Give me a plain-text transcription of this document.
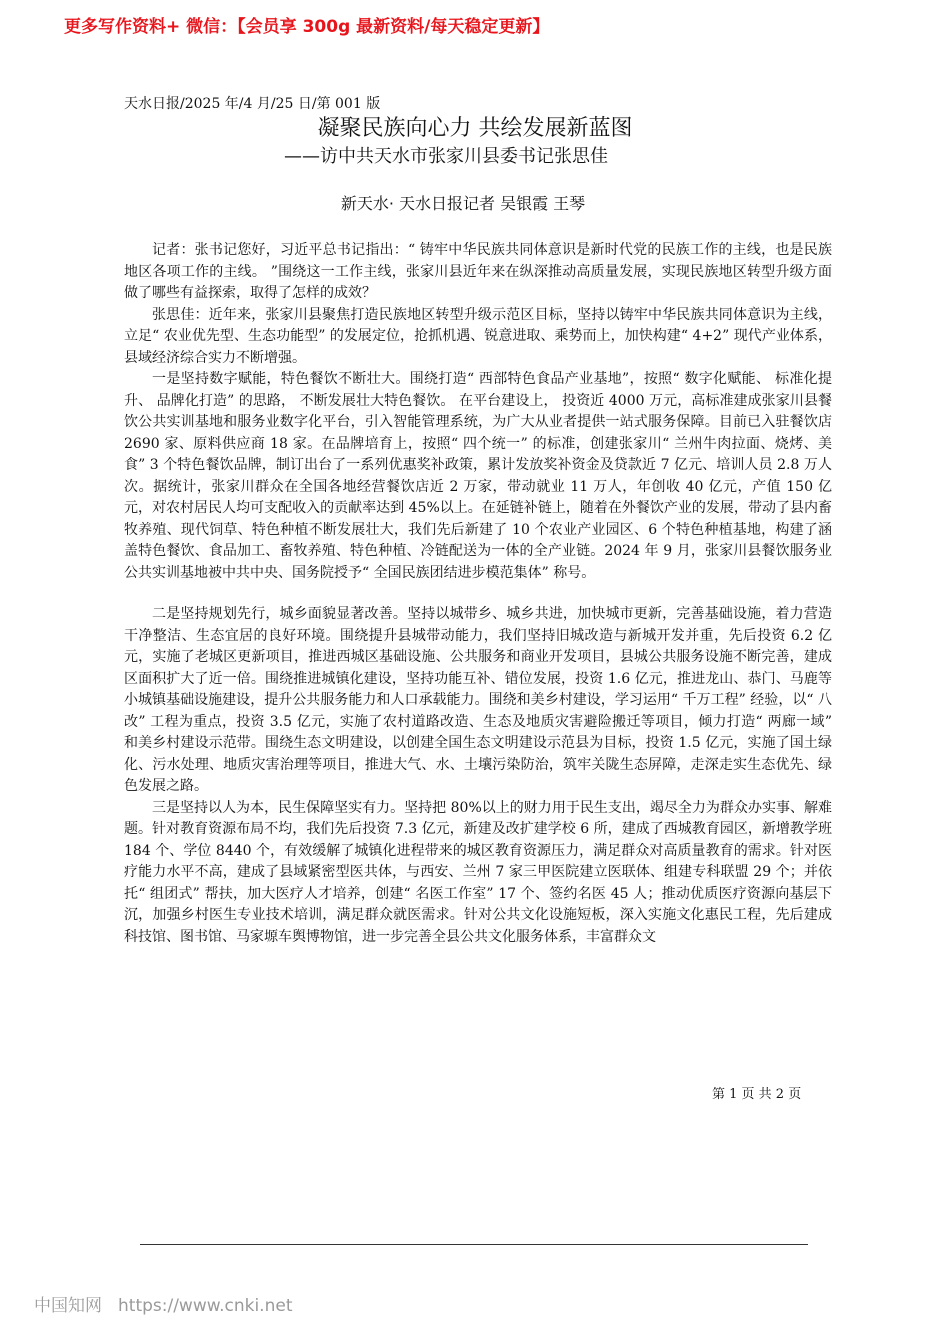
更多写作资料+ 微信：【会员享 300g 最新资料/每天稳定更新】
天水日报/2025 年/4 月/25 日/第 001 版
凝聚民族向心力 共绘发展新蓝图
——访中共天水市张家川县委书记张思佳
新天水· 天水日报记者 吴银霞 王琴

记者：张书记您好，习近平总书记指出：“ 铸牢中华民族共同体意识是新时代党的民族工作的主线，也是民族地区各项工作的主线。 ”围绕这一工作主线，张家川县近年来在纵深推动高质量发展，实现民族地区转型升级方面做了哪些有益探索，取得了怎样的成效？

张思佳：近年来，张家川县聚焦打造民族地区转型升级示范区目标，坚持以铸牢中华民族共同体意识为主线，立足“ 农业优先型、生态功能型” 的发展定位，抢抓机遇、锐意进取、乘势而上，加快构建“ 4+2” 现代产业体系，县域经济综合实力不断增强。

一是坚持数字赋能，特色餐饮不断壮大。围绕打造“ 西部特色食品产业基地”，按照“ 数字化赋能、 标准化提升、 品牌化打造” 的思路， 不断发展壮大特色餐饮。 在平台建设上， 投资近 4000 万元，高标准建成张家川县餐饮公共实训基地和服务业数字化平台，引入智能管理系统，为广大从业者提供一站式服务保障。目前已入驻餐饮店 2690 家、原料供应商 18 家。在品牌培育上，按照“ 四个统一” 的标准，创建张家川“ 兰州牛肉拉面、烧烤、美食” 3 个特色餐饮品牌，制订出台了一系列优惠奖补政策，累计发放奖补资金及贷款近 7 亿元、培训人员 2.8 万人次。据统计，张家川群众在全国各地经营餐饮店近 2 万家，带动就业 11 万人，年创收 40 亿元，产值 150 亿元，对农村居民人均可支配收入的贡献率达到 45%以上。在延链补链上，随着在外餐饮产业的发展，带动了县内畜牧养殖、现代饲草、特色种植不断发展壮大，我们先后新建了 10 个农业产业园区、6 个特色种植基地，构建了涵盖特色餐饮、食品加工、畜牧养殖、特色种植、冷链配送为一体的全产业链。2024 年 9 月，张家川县餐饮服务业公共实训基地被中共中央、国务院授予“ 全国民族团结进步模范集体” 称号。

二是坚持规划先行，城乡面貌显著改善。坚持以城带乡、城乡共进，加快城市更新，完善基础设施，着力营造干净整洁、生态宜居的良好环境。围绕提升县城带动能力，我们坚持旧城改造与新城开发并重，先后投资 6.2 亿元，实施了老城区更新项目，推进西城区基础设施、公共服务和商业开发项目，县城公共服务设施不断完善，建成区面积扩大了近一倍。围绕推进城镇化建设，坚持功能互补、错位发展，投资 1.6 亿元，推进龙山、恭门、马鹿等小城镇基础设施建设，提升公共服务能力和人口承载能力。围绕和美乡村建设，学习运用“ 千万工程” 经验，以“ 八改” 工程为重点，投资 3.5 亿元，实施了农村道路改造、生态及地质灾害避险搬迁等项目，倾力打造“ 两廊一域” 和美乡村建设示范带。围绕生态文明建设，以创建全国生态文明建设示范县为目标，投资 1.5 亿元，实施了国土绿化、污水处理、地质灾害治理等项目，推进大气、水、土壤污染防治，筑牢关陇生态屏障，走深走实生态优先、绿色发展之路。

三是坚持以人为本，民生保障坚实有力。坚持把 80%以上的财力用于民生支出，竭尽全力为群众办实事、解难题。针对教育资源布局不均，我们先后投资 7.3 亿元，新建及改扩建学校 6 所，建成了西城教育园区，新增教学班 184 个、学位 8440 个，有效缓解了城镇化进程带来的城区教育资源压力，满足群众对高质量教育的需求。针对医疗能力水平不高，建成了县域紧密型医共体，与西安、兰州 7 家三甲医院建立医联体、组建专科联盟 29 个；并依托“ 组团式” 帮扶，加大医疗人才培养，创建“ 名医工作室” 17 个、签约名医 45 人；推动优质医疗资源向基层下沉，加强乡村医生专业技术培训，满足群众就医需求。针对公共文化设施短板，深入实施文化惠民工程，先后建成科技馆、图书馆、马家塬车舆博物馆，进一步完善全县公共文化服务体系，丰富群众文

第 1 页 共 2 页
中国知网 https://www.cnki.net
